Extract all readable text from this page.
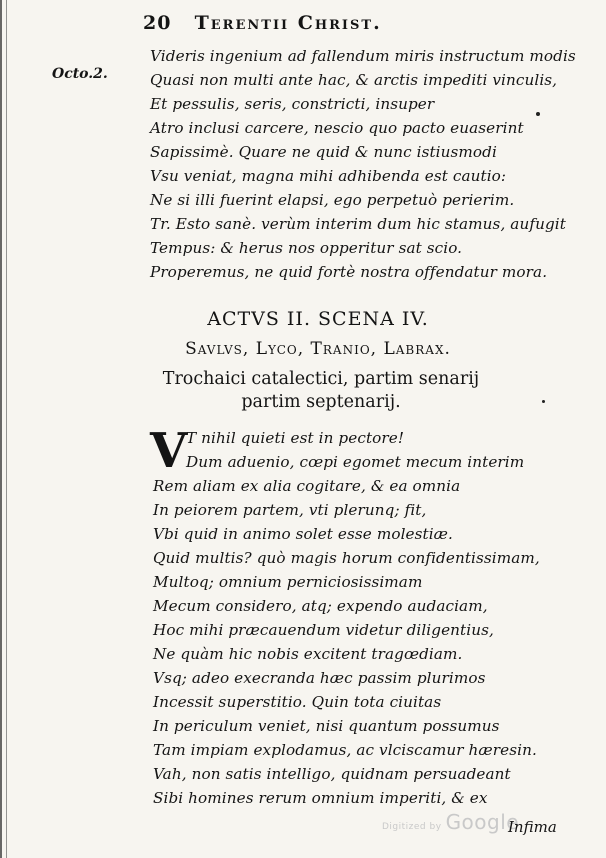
20 Terentii Christ.
Octo.2.
Videris ingenium ad fallendum miris instructum modis
Quasi non multi ante hac, & arctis impediti vinculis,
Et pessulis, seris, constricti, insuper
Atro inclusi carcere, nescio quo pacto euaserint
Sapissimè. Quare ne quid & nunc istiusmodi
Vsu veniat, magna mihi adhibenda est cautio:
Ne si illi fuerint elapsi, ego perpetuò perierim.
Tr. Esto sanè. verùm interim dum hic stamus, aufugit
Tempus: & herus nos opperitur sat scio.
Properemus, ne quid fortè nostra offendatur mora.
ACTVS II. SCENA IV.
Savlvs, Lyco, Tranio, Labrax.
Trochaici catalectici, partim senarij
partim septenarij.
V
T nihil quieti est in pectore!
Dum aduenio, cœpi egomet mecum interim
Rem aliam ex alia cogitare, & ea omnia
In peiorem partem, vti plerunq; fit,
Vbi quid in animo solet esse molestiæ.
Quid multis? quò magis horum confidentissimam,
Multoq; omnium perniciosissimam
Mecum considero, atq; expendo audaciam,
Hoc mihi præcauendum videtur diligentius,
Ne quàm hic nobis excitent tragœdiam.
Vsq; adeo execranda hæc passim plurimos
Incessit superstitio. Quin tota ciuitas
In periculum veniet, nisi quantum possumus
Tam impiam explodamus, ac vlciscamur hæresin.
Vah, non satis intelligo, quidnam persuadeant
Sibi homines rerum omnium imperiti, & ex
Digitized by Google
Infima
